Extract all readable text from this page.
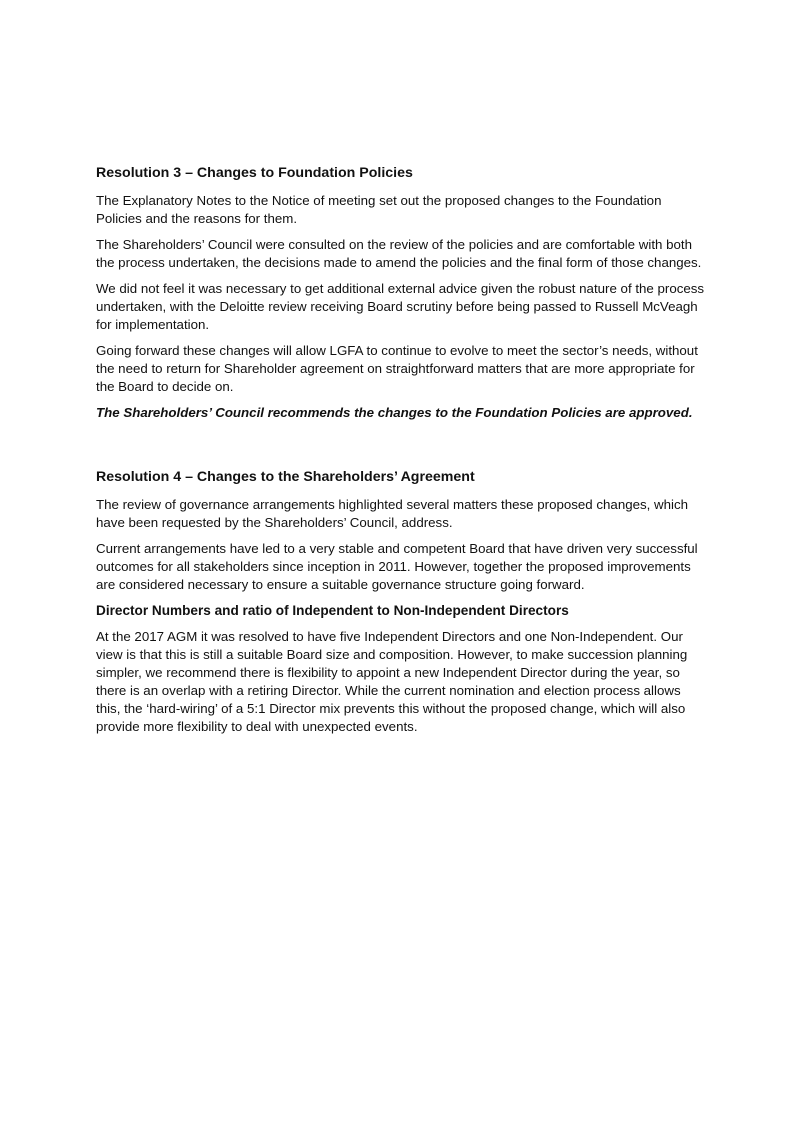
Resolution 3 – Changes to Foundation Policies

The Explanatory Notes to the Notice of meeting set out the proposed changes to the Foundation Policies and the reasons for them.

The Shareholders’ Council were consulted on the review of the policies and are comfortable with both the process undertaken, the decisions made to amend the policies and the final form of those changes.

We did not feel it was necessary to get additional external advice given the robust nature of the process undertaken, with the Deloitte review receiving Board scrutiny before being passed to Russell McVeagh for implementation.

Going forward these changes will allow LGFA to continue to evolve to meet the sector’s needs, without the need to return for Shareholder agreement on straightforward matters that are more appropriate for the Board to decide on.

The Shareholders’ Council recommends the changes to the Foundation Policies are approved.

Resolution 4 – Changes to the Shareholders’ Agreement

The review of governance arrangements highlighted several matters these proposed changes, which have been requested by the Shareholders’ Council, address.

Current arrangements have led to a very stable and competent Board that have driven very successful outcomes for all stakeholders since inception in 2011. However, together the proposed improvements are considered necessary to ensure a suitable governance structure going forward.

Director Numbers and ratio of Independent to Non-Independent Directors

At the 2017 AGM it was resolved to have five Independent Directors and one Non-Independent. Our view is that this is still a suitable Board size and composition. However, to make succession planning simpler, we recommend there is flexibility to appoint a new Independent Director during the year, so there is an overlap with a retiring Director. While the current nomination and election process allows this, the ‘hard-wiring’ of a 5:1 Director mix prevents this without the proposed change, which will also provide more flexibility to deal with unexpected events.
